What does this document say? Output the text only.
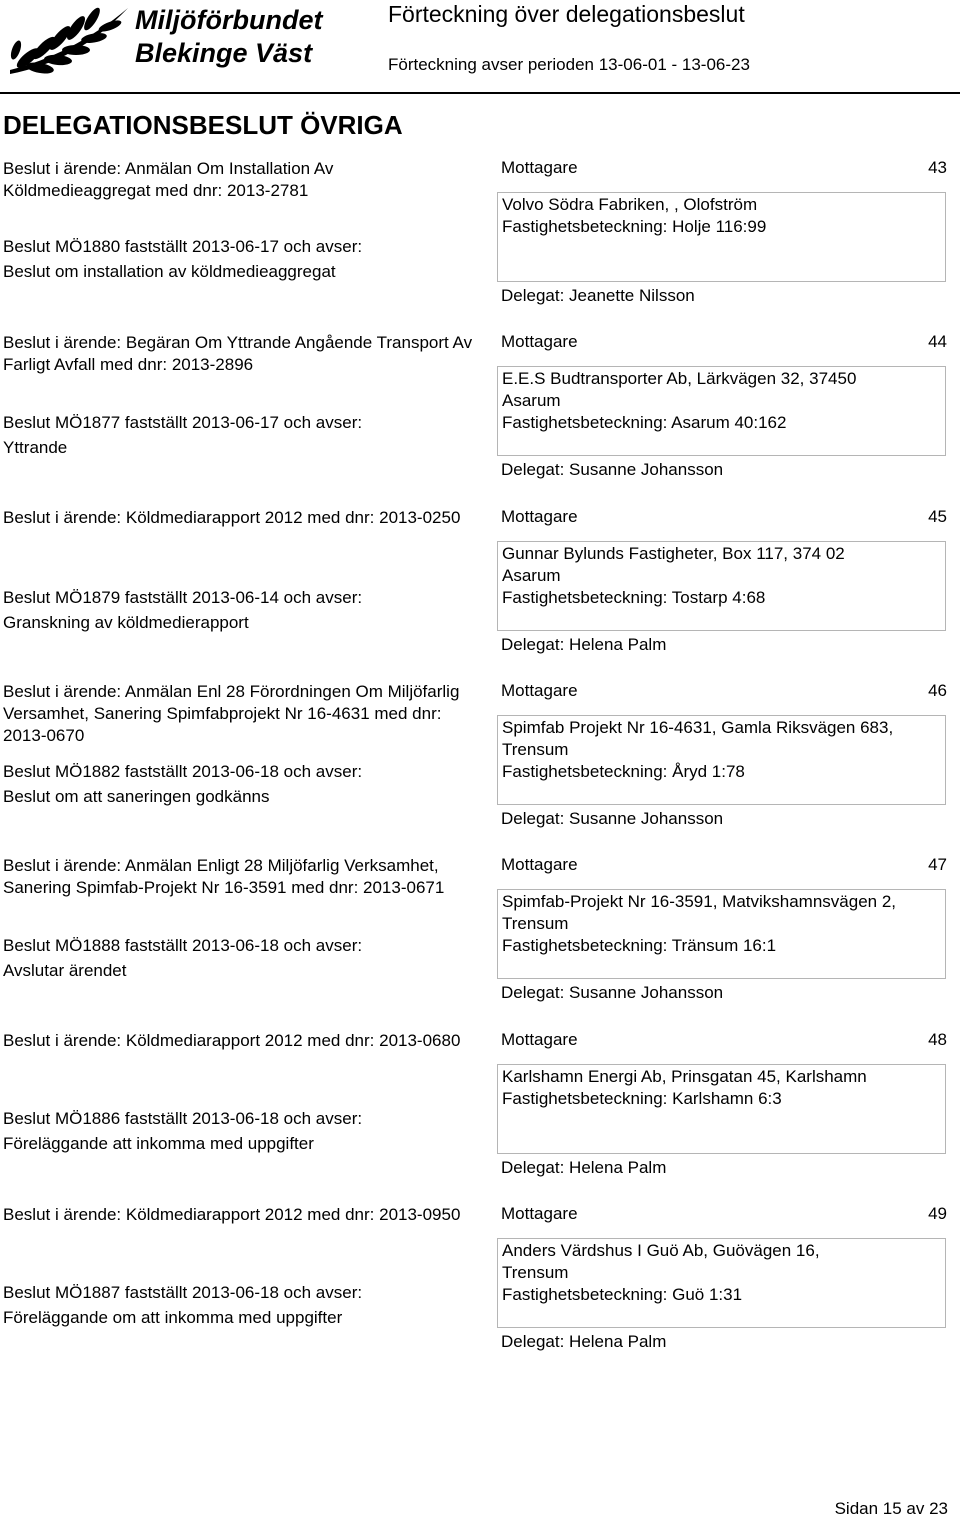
Miljöförbundet
Blekinge Väst
Förteckning över delegationsbeslut
Förteckning avser perioden 13-06-01 - 13-06-23
DELEGATIONSBESLUT ÖVRIGA

Beslut i ärende: Anmälan Om Installation Av Köldmedieaggregat med dnr: 2013-2781

Beslut MÖ1880 fastställt 2013-06-17 och avser:
Beslut om installation av köldmedieaggregat

Mottagare	43

Volvo Södra Fabriken, , Olofström

Fastighetsbeteckning: Holje 116:99

Delegat: Jeanette Nilsson

Beslut i ärende: Begäran Om Yttrande Angående Transport Av Farligt Avfall med dnr: 2013-2896

Beslut MÖ1877 fastställt 2013-06-17 och avser:
Yttrande

Mottagare	44

E.E.S Budtransporter Ab, Lärkvägen 32, 37450

Asarum

Fastighetsbeteckning: Asarum 40:162

Delegat: Susanne Johansson

Beslut i ärende: Köldmediarapport 2012 med dnr: 2013-0250

Beslut MÖ1879 fastställt 2013-06-14 och avser:
Granskning av köldmedierapport

Mottagare	45

Gunnar Bylunds Fastigheter, Box 117, 374 02

Asarum

Fastighetsbeteckning: Tostarp 4:68

Delegat: Helena Palm

Beslut i ärende: Anmälan Enl 28 Förordningen Om Miljöfarlig Versamhet, Sanering Spimfabprojekt Nr 16-4631 med dnr: 2013-0670

Beslut MÖ1882 fastställt 2013-06-18 och avser:
Beslut om att saneringen godkänns

Mottagare	46

Spimfab Projekt Nr 16-4631, Gamla Riksvägen 683,

Trensum

Fastighetsbeteckning: Åryd 1:78

Delegat: Susanne Johansson

Beslut i ärende: Anmälan Enligt 28 Miljöfarlig Verksamhet, Sanering Spimfab-Projekt Nr 16-3591 med dnr: 2013-0671

Beslut MÖ1888 fastställt 2013-06-18 och avser:
Avslutar ärendet

Mottagare	47

Spimfab-Projekt Nr 16-3591, Matvikshamnsvägen 2,

Trensum

Fastighetsbeteckning: Tränsum 16:1

Delegat: Susanne Johansson

Beslut i ärende: Köldmediarapport 2012 med dnr: 2013-0680

Beslut MÖ1886 fastställt 2013-06-18 och avser:
Föreläggande att inkomma med uppgifter

Mottagare	48

Karlshamn Energi Ab, Prinsgatan 45, Karlshamn

Fastighetsbeteckning: Karlshamn 6:3

Delegat: Helena Palm

Beslut i ärende: Köldmediarapport 2012 med dnr: 2013-0950

Beslut MÖ1887 fastställt 2013-06-18 och avser:
Föreläggande om att inkomma med uppgifter

Mottagare	49

Anders Värdshus I Guö Ab, Guövägen 16,

Trensum

Fastighetsbeteckning: Guö 1:31

Delegat: Helena Palm
Sidan 15 av 23
